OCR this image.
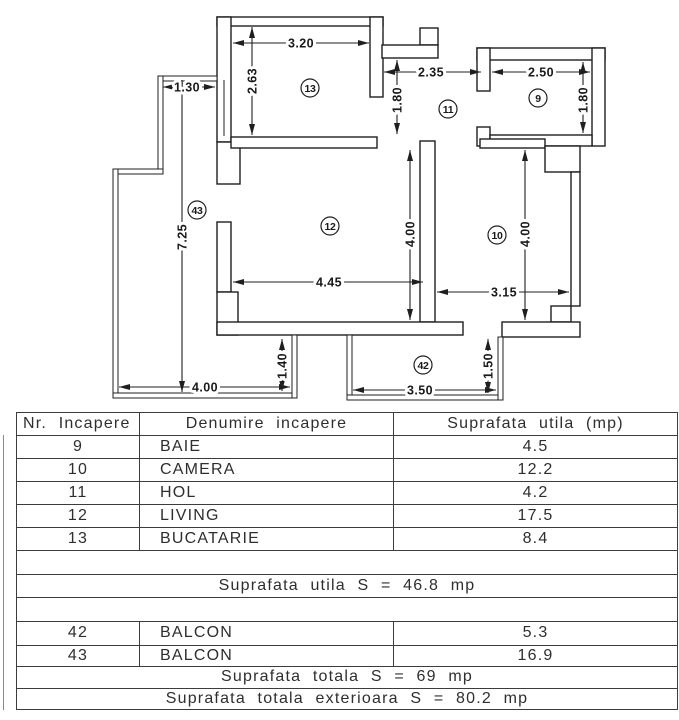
3.20
2.63
1.30
2.35
1.80
2.50
1.80
4.45
4.00
3.15
4.00
7.25
4.00
1.40
3.50
1.50
13
11
9
43
12
10
42
Nr. Incapere	Denumire incapere	Suprafata utila (mp)
9	BAIE	4.5
10	CAMERA	12.2
11	HOL	4.2
12	LIVING	17.5
13	BUCATARIE	8.4
Suprafata utila S = 46.8 mp
42	BALCON	5.3
43	BALCON	16.9
Suprafata totala S = 69 mp
Suprafata totala exterioara S = 80.2 mp
